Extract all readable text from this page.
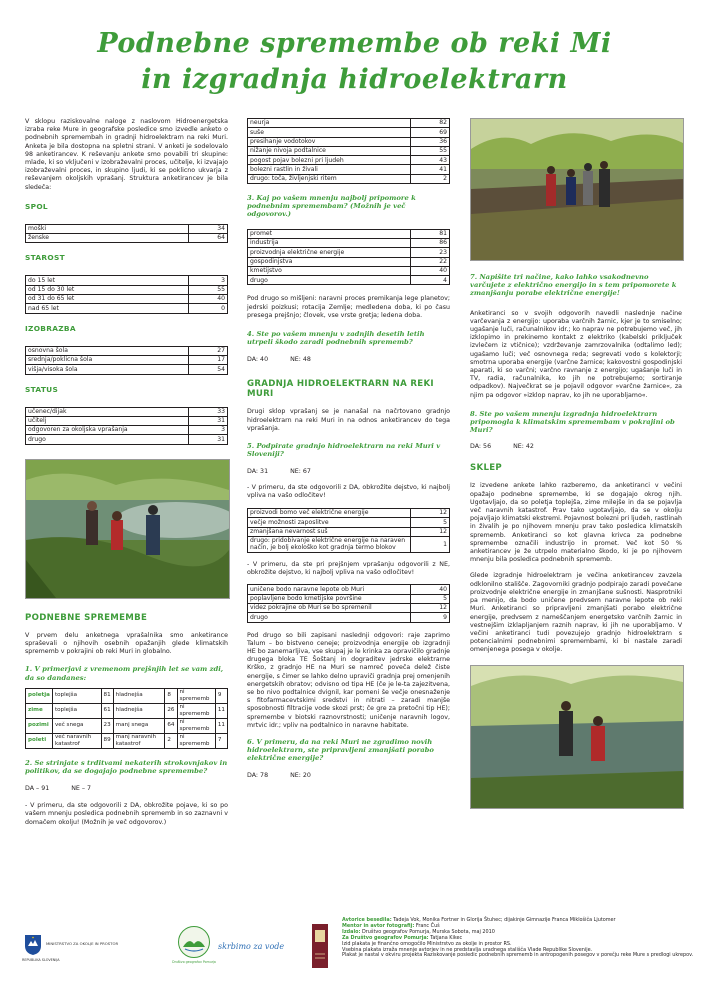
Podnebne spremembe ob reki Mi
in izgradnja hidroelektrarn

V sklopu raziskovalne naloge z naslovom Hidroenergetska izraba reke Mure in geografske posledice smo izvedle anketo o podnebnih spremembah in gradnji hidroelektrarn na reki Muri. Anketa je bila dostopna na spletni strani. V anketi je sodelovalo 98 anketirancev. K reševanju ankete smo povabili tri skupine: mlade, ki so vključeni v izobraževalni proces, učitelje, ki izvajajo izobraževalni proces, in skupino ljudi, ki se poklicno ukvarja z reševanjem okoljskih vprašanj. Struktura anketirancev je bila sledeča:

SPOL
moški	34
ženske	64
STAROST
do 15 let	3
od 15 do 30 let	55
od 31 do 65 let	40
nad 65 let	0
IZOBRAZBA
osnovna šola	27
srednja/poklicna šola	17
višja/visoka šola	54
STATUS
učenec/dijak	33
učitelj	31
odgovoren za okoljska vprašanja	3
drugo	31
PODNEBNE SPREMEMBE

V prvem delu anketnega vprašalnika smo anketirance spraševali o njihovih osebnih opažanjih glede klimatskih sprememb v pokrajini ob reki Muri in globalno.

1. V primerjavi z vremenom prejšnjih let se vam zdi, da so dandanes:
poletja	toplejša	81	hladnejša	8	ni sprememb	9
zime	toplejša	61	hladnejša	26	ni sprememb	11
pozimi	več snega	23	manj snega	64	ni sprememb	11
poleti	več naravnih katastrof	89	manj naravnih katastrof	2	ni sprememb	7
2. Se strinjate s trditvami nekaterih strokovnjakov in politikov, da se dogajajo podnebne spremembe?
DA – 91	NE – 7

- V primeru, da ste odgovorili z DA, obkrožite pojave, ki so po vašem mnenju posledica podnebnih sprememb in so zaznavni v domačem okolju! (Možnih je več odgovorov.)

neurja	82
suše	69
presihanje vodotokov	36
nižanje nivoja podtalnice	55
pogost pojav bolezni pri ljudeh	43
bolezni rastlin in živali	41
drugo: toča, življenjski ritem	2
3. Kaj po vašem mnenju najbolj pripomore k podnebnim spremembam? (Možnih je več odgovorov.)
promet	81
industrija	86
proizvodnja električne energije	23
gospodinjstva	22
kmetijstvo	40
drugo	4

Pod drugo so mišljeni: naravni proces premikanja lege planetov; jedrski poizkusi; rotacija Zemlje; medledena doba, ki po času presega prejšnjo; človek, vse vrste gretja; ledena doba.

4. Ste po vašem mnenju v zadnjih desetih letih utrpeli škodo zaradi podnebnih sprememb?
DA: 40	NE: 48
GRADNJA HIDROELEKTRARN NA REKI MURI

Drugi sklop vprašanj se je nanašal na načrtovano gradnjo hidroelektrarn na reki Muri in na odnos anketirancev do tega vprašanja.

5. Podpirate gradnjo hidroelektrarn na reki Muri v Sloveniji?
DA: 31	NE: 67

- V primeru, da ste odgovorili z DA, obkrožite dejstvo, ki najbolj vpliva na vašo odločitev!

proizvodi bomo več električne energije	12
večje možnosti zaposlitve	5
zmanjšana nevarnost suš	12
drugo: pridobivanje električne energije na naraven način, je bolj ekološko kot gradnja termo blokov	1

- V primeru, da ste pri prejšnjem vprašanju odgovorili z NE, obkrožite dejstvo, ki najbolj vpliva na vašo odločitev!

uničene bodo naravne lepote ob Muri	40
poplavljene bodo kmetijske površine	5
videz pokrajine ob Muri se bo spremenil	12
drugo	9

Pod drugo so bili zapisani naslednji odgovori: raje zaprimo Talum – bo bistveno ceneje; proizvodnja energije ob izgradnji HE bo zanemarljiva, vse skupaj je le krinka za opravičilo gradnje drugega bloka TE Šoštanj in dograditev jedrske elektrarne Krško, z gradnjo HE na Muri se namreč poveča delež čiste energije, s čimer se lahko delno upraviči gradnja prej omenjenih energetskih obratov; odvisno od tipa HE (če je le-ta zajezitvena, se bo nivo podtalnice dvignil, kar pomeni še večje onesnaženje s fitofarmacevtskimi sredstvi in nitrati – zaradi manjše sposobnosti filtracije vode skozi prst; če gre za pretočni tip HE); spremembe v biotski raznovrstnosti; uničenje naravnih logov, mrtvic idr.; vpliv na podtalnico in naravne habitate.

6. V primeru, da na reki Muri ne zgradimo novih hidroelektrarn, ste pripravljeni zmanjšati porabo električne energije?
DA: 78	NE: 20
7. Napišite tri načine, kako lahko vsakodnevno varčujete z električno energijo in s tem pripomorete k zmanjšanju porabe električne energije!

Anketiranci so v svojih odgovorih navedli naslednje načine varčevanja z energijo: uporaba varčnih žarnic, kjer je to smiselno; ugašanje luči, računalnikov idr.; ko naprav ne potrebujemo več, jih izklopimo in prekinemo kontakt z elektriko (kabelski priključek izvlečem iz vtičnice); vzdrževanje zamrzovalnika (odtalimo led); ugašamo luči; več osnovnega reda; segrevati vodo s kolektorji; smotrna uporaba energije (varčne žarnice; kakovostni gospodinjski aparati, ki so varčni; varčno ravnanje z energijo; ugašanje luči in TV, radia, računalnika, ko jih ne potrebujemo; sortiranje odpadkov). Največkrat se je pojavil odgovor »varčne žarnice«, za njim pa odgovor »izklop naprav, ko jih ne uporabljamo«.

8. Ste po vašem mnenju izgradnja hidroelektrarn pripomogla k klimatskim spremembam v pokrajini ob Muri?
DA: 56	NE: 42
SKLEP

Iz izvedene ankete lahko razberemo, da anketiranci v večini opažajo podnebne spremembe, ki se dogajajo okrog njih. Ugotavljajo, da so poletja toplejša, zime milejše in da se pojavlja več naravnih katastrof. Prav tako ugotavljajo, da se v okolju pojavljajo klimatski ekstremi. Pojavnost bolezni pri ljudeh, rastlinah in živalih je po njihovem mnenju prav tako posledica klimatskih sprememb. Anketiranci so kot glavna krivca za podnebne spremembe označili industrijo in promet. Več kot 50 % anketirancev je že utrpelo materialno škodo, ki je po njihovem mnenju bila posledica podnebnih sprememb.

Glede izgradnje hidroelektrarn je večina anketirancev zavzela odklonilno stališče. Zagovorniki gradnjo podpirajo zaradi povečane proizvodnje električne energije in zmanjšane sušnosti. Nasprotniki pa menijo, da bodo uničene predvsem naravne lepote ob reki Muri. Anketiranci so pripravljeni zmanjšati porabo električne energije, predvsem z nameščanjem energetsko varčnih žarnic in vestnejšim izklapljanjem raznih naprav, ki jih ne uporabljamo. V večini anketiranci tudi povezujejo gradnjo hidroelektrarn s potencialnimi podnebnimi spremembami, ki bi nastale zaradi omenjenega posega v okolje.

REPUBLIKA SLOVENIJA
MINISTRSTVO ZA OKOLJE IN PROSTOR
Društvo geografov Pomurja
skrbimo za vode
Avtorice besedila: Tadeja Vok, Monika Fortner in Glorija Štuhec; dijakinje Gimnazije Franca Miklošiča Ljutomer
Mentor in avtor fotografij: Franc Čuš
Izdalo: Društvo geografov Pomurja, Murska Sobota, maj 2010
Za Društvo geografov Pomurja: Tatjana Kikec
Izid plakata je finančno omogočilo Ministrstvo za okolje in prostor RS.
Vsebina plakata izraža mnenje avtorjev in ne predstavlja uradnega stališča Vlade Republike Slovenije.
Plakat je nastal v okviru projekta Raziskovanje posledic podnebnih sprememb in antropogenih posegov v porečju reke Mure s predlogi ukrepov.
